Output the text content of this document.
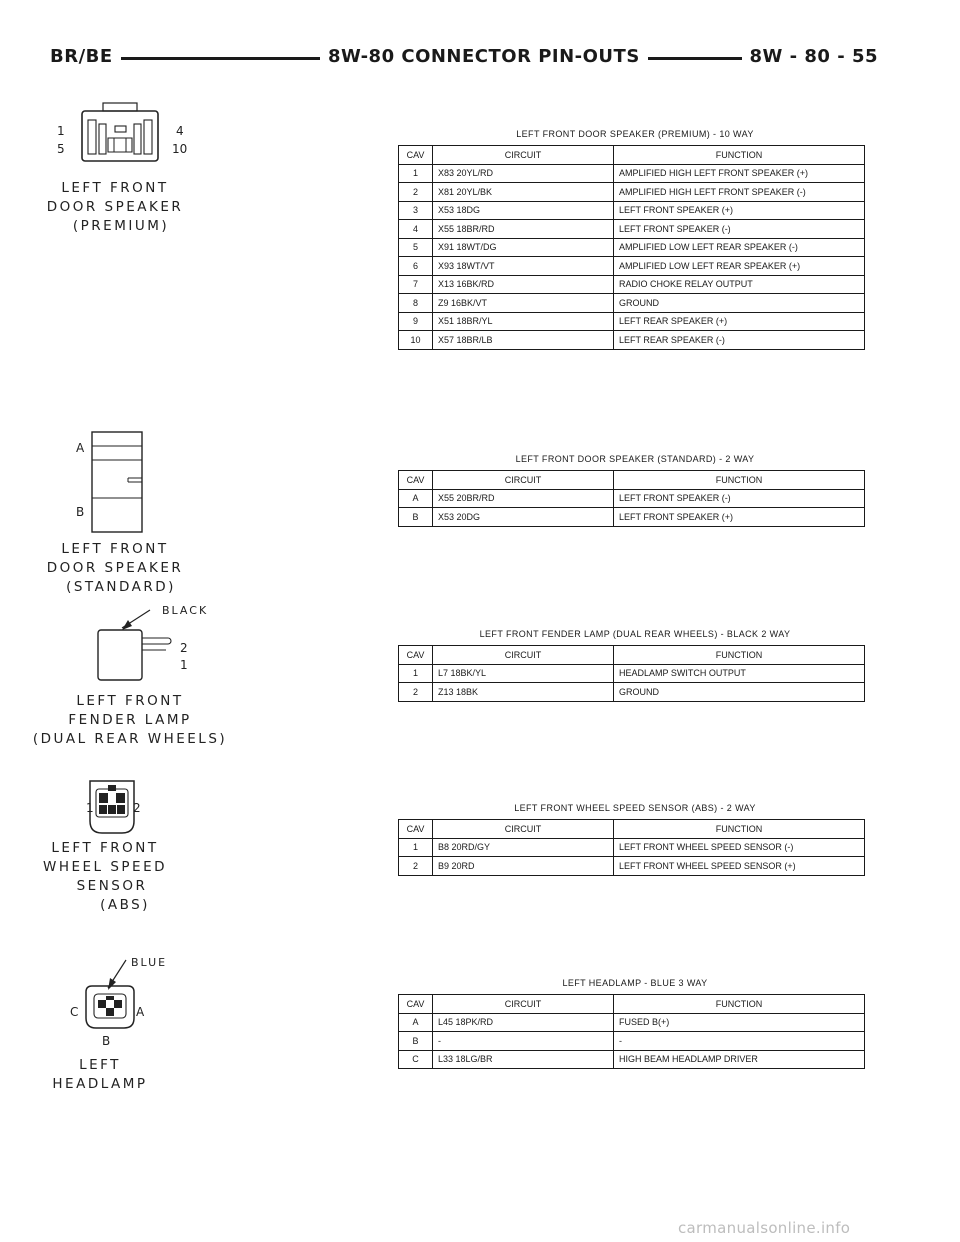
BR/BE	8W-80 CONNECTOR PIN-OUTS	8W - 80 - 55
1
5
4
10
LEFT FRONT
DOOR SPEAKER
(PREMIUM)
LEFT FRONT DOOR SPEAKER (PREMIUM) - 10 WAY
CAV	CIRCUIT	FUNCTION
1	X83 20YL/RD	AMPLIFIED HIGH LEFT FRONT SPEAKER (+)
2	X81 20YL/BK	AMPLIFIED HIGH LEFT FRONT SPEAKER (-)
3	X53 18DG	LEFT FRONT SPEAKER (+)
4	X55 18BR/RD	LEFT FRONT SPEAKER (-)
5	X91 18WT/DG	AMPLIFIED LOW LEFT REAR SPEAKER (-)
6	X93 18WT/VT	AMPLIFIED LOW LEFT REAR SPEAKER (+)
7	X13 16BK/RD	RADIO CHOKE RELAY OUTPUT
8	Z9 16BK/VT	GROUND
9	X51 18BR/YL	LEFT REAR SPEAKER (+)
10	X57 18BR/LB	LEFT REAR SPEAKER (-)
A
B
LEFT FRONT
DOOR SPEAKER
(STANDARD)
LEFT FRONT DOOR SPEAKER (STANDARD) - 2 WAY
CAV	CIRCUIT	FUNCTION
A	X55 20BR/RD	LEFT FRONT SPEAKER (-)
B	X53 20DG	LEFT FRONT SPEAKER (+)
BLACK
2
1
LEFT FRONT
FENDER LAMP
(DUAL REAR WHEELS)
LEFT FRONT FENDER LAMP (DUAL REAR WHEELS) - BLACK 2 WAY
CAV	CIRCUIT	FUNCTION
1	L7 18BK/YL	HEADLAMP SWITCH OUTPUT
2	Z13 18BK	GROUND
1	2
LEFT FRONT
WHEEL SPEED
SENSOR
(ABS)
LEFT FRONT WHEEL SPEED SENSOR (ABS) - 2 WAY
CAV	CIRCUIT	FUNCTION
1	B8 20RD/GY	LEFT FRONT WHEEL SPEED SENSOR (-)
2	B9 20RD	LEFT FRONT WHEEL SPEED SENSOR (+)
BLUE
C	A
B
LEFT
HEADLAMP
LEFT HEADLAMP - BLUE 3 WAY
CAV	CIRCUIT	FUNCTION
A	L45 18PK/RD	FUSED B(+)
B	-	-
C	L33 18LG/BR	HIGH BEAM HEADLAMP DRIVER
carmanualsonline.info
